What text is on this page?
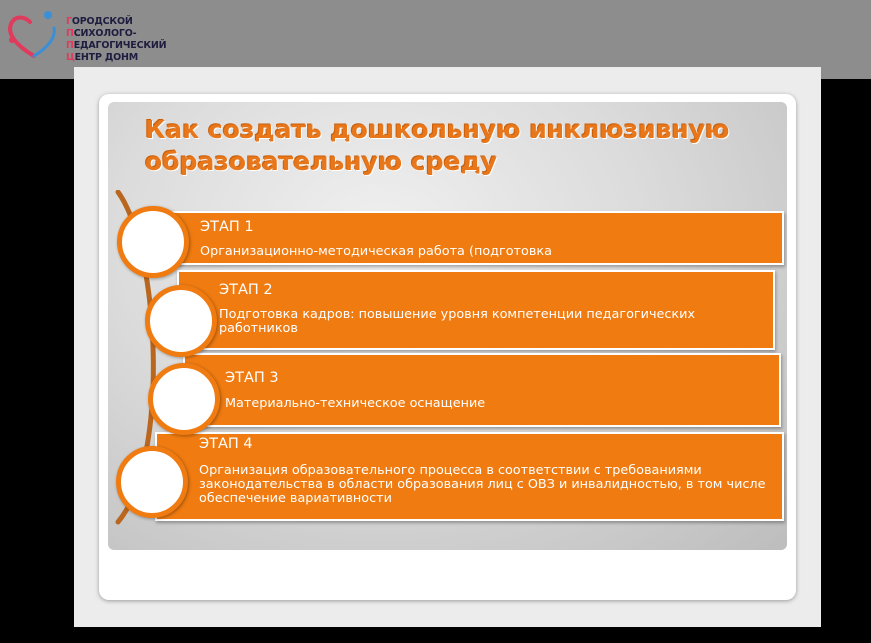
ГОРОДСКОЙ
ПСИХОЛОГО-
ПЕДАГОГИЧЕСКИЙ
ЦЕНТР ДОНМ
Как создать дошкольную инклюзивную образовательную среду
ЭТАП 1
Организационно-методическая работа (подготовка
ЭТАП 2
Подготовка кадров: повышение уровня компетенции педагогических работников
ЭТАП 3
Материально-техническое оснащение
ЭТАП 4
Организация образовательного процесса в соответствии с требованиями законодательства в области образования лиц с ОВЗ и инвалидностью, в том числе обеспечение вариативности
